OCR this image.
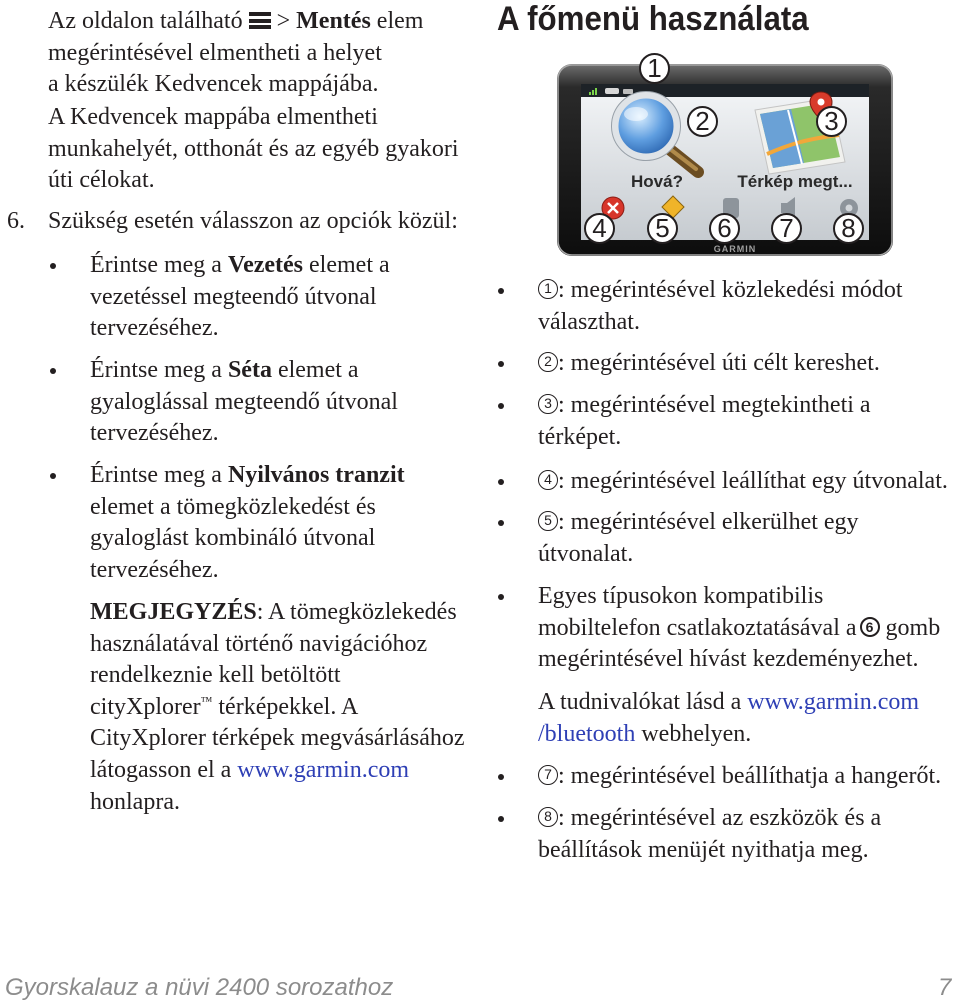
Az oldalon található > Mentés elem
megérintésével elmentheti a helyet
a készülék Kedvencek mappájába.
A Kedvencek mappába elmentheti
munkahelyét, otthonát és az egyéb gyakori
úti célokat.
6. Szükség esetén válasszon az opciók közül:
Érintse meg a Vezetés elemet a
vezetéssel megteendő útvonal
tervezéséhez.
Érintse meg a Séta elemet a
gyaloglással megteendő útvonal
tervezéséhez.
Érintse meg a Nyilvános tranzit
elemet a tömegközlekedést és
gyaloglást kombináló útvonal
tervezéséhez.
MEGJEGYZÉS: A tömegközlekedés
használatával történő navigációhoz
rendelkeznie kell betöltött
cityXplorer™ térképekkel. A
CityXplorer térképek megvásárlásához
látogasson el a www.garmin.com
honlapra.
A főmenü használata
Hová?	Térkép megt...
GARMIN
1
2	3
4	5	6	7	8
1 : megérintésével közlekedési módot
választhat.
2 : megérintésével úti célt kereshet.
3 : megérintésével megtekintheti a
térképet.
4 : megérintésével leállíthat egy útvonalat.
5 : megérintésével elkerülhet egy
útvonalat.
Egyes típusokon kompatibilis
mobiltelefon csatlakoztatásával a 6 gomb
megérintésével hívást kezdeményezhet.
A tudnivalókat lásd a www.garmin.com
/bluetooth webhelyen.
7 : megérintésével beállíthatja a hangerőt.
8 : megérintésével az eszközök és a
beállítások menüjét nyithatja meg.
Gyorskalauz a nüvi 2400 sorozathoz	7
